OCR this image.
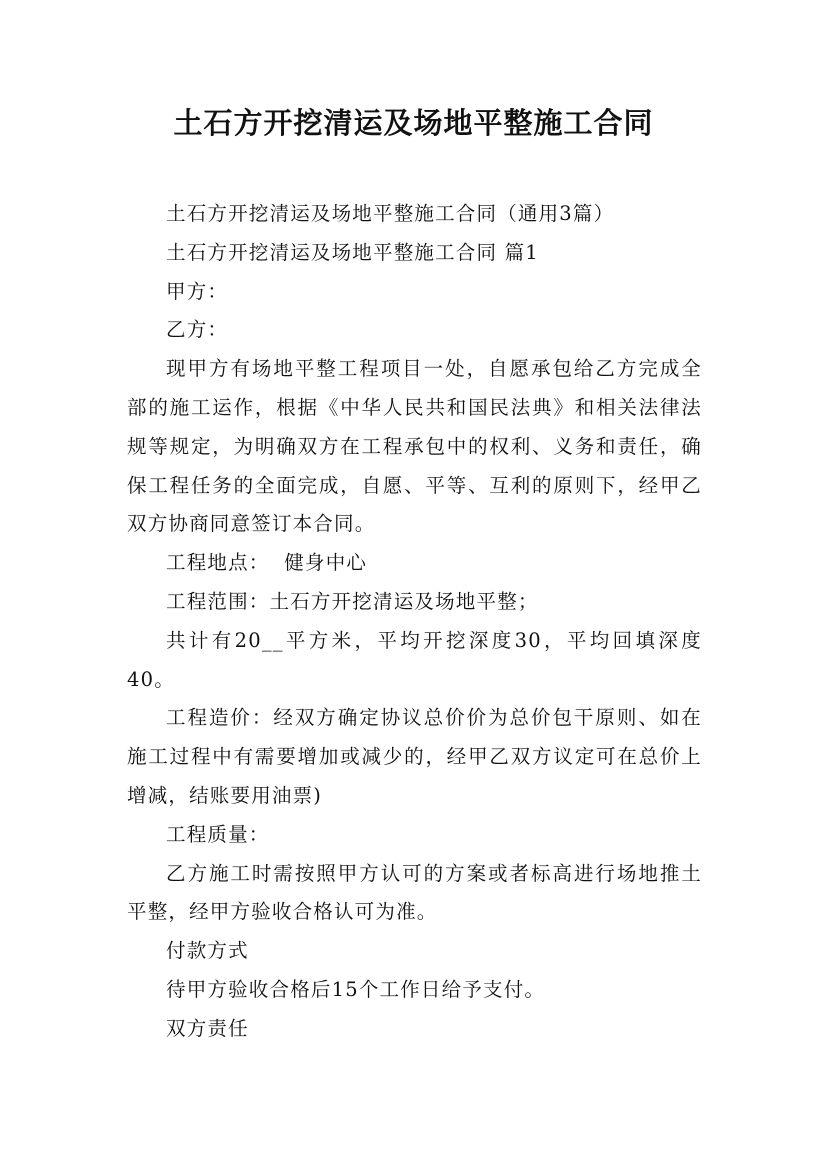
土石方开挖清运及场地平整施工合同

土石方开挖清运及场地平整施工合同（通用3篇）

土石方开挖清运及场地平整施工合同 篇1

甲方：

乙方：

现甲方有场地平整工程项目一处，自愿承包给乙方完成全部的施工运作，根据《中华人民共和国民法典》和相关法律法规等规定，为明确双方在工程承包中的权利、义务和责任，确保工程任务的全面完成，自愿、平等、互利的原则下，经甲乙双方协商同意签订本合同。

工程地点：  健身中心

工程范围：土石方开挖清运及场地平整；

共计有20__平方米，平均开挖深度30，平均回填深度40。

工程造价：经双方确定协议总价价为总价包干原则、如在施工过程中有需要增加或减少的，经甲乙双方议定可在总价上增减，结账要用油票)

工程质量：

乙方施工时需按照甲方认可的方案或者标高进行场地推土平整，经甲方验收合格认可为准。

付款方式

待甲方验收合格后15个工作日给予支付。

双方责任
